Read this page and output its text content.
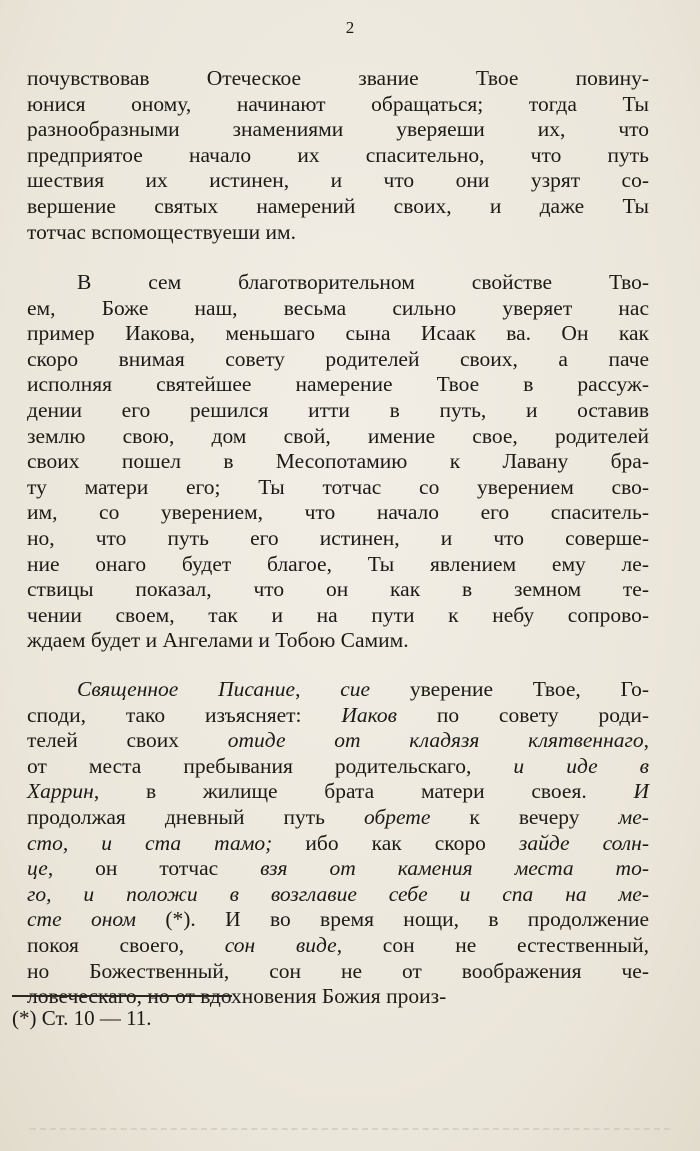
2
почувствовав Отеческое звание Твое повину-
юнися оному, начинают обращаться; тогда Ты
разнообразными знамениями уверяеши их, что
предприятое начало их спасительно, что путь
шествия их истинен, и что они узрят со-
вершение святых намерений своих, и даже Ты
тотчас вспомоществуеши им.
В сем благотворительном свойстве Тво-
ем, Боже наш, весьма сильно уверяет нас
пример Иакова, меньшаго сына Исаак ва. Он как
скоро внимая совету родителей своих, а паче
исполняя святейшее намерение Твое в рассуж-
дении его решился итти в путь, и оставив
землю свою, дом свой, имение свое, родителей
своих пошел в Месопотамию к Лавану бра-
ту матери его; Ты тотчас со уверением сво-
им, со уверением, что начало его спаситель-
но, что путь его истинен, и что соверше-
ние онаго будет благое, Ты явлением ему ле-
ствицы показал, что он как в земном те-
чении своем, так и на пути к небу сопрово-
ждаем будет и Ангелами и Тобою Самим.
Священное Писание, сие уверение Твое, Го-
споди, тако изъясняет: Иаков по совету роди-
телей своих отиде от кладязя клятвеннаго,
от места пребывания родительскаго, и иде в
Харрин, в жилище брата матери своея. И
продолжая дневный путь обрете к вечеру ме-
сто, и ста тамо; ибо как скоро зайде солн-
це, он тотчас взя от камения места то-
го, и положи в возглавие себе и спа на ме-
сте оном (*). И во время нощи, в продолжение
покоя своего, сон виде, сон не естественный,
но Божественный, сон не от воображения че-
ловеческаго, но от вдохновения Божия произ-
(*) Ст. 10 — 11.
